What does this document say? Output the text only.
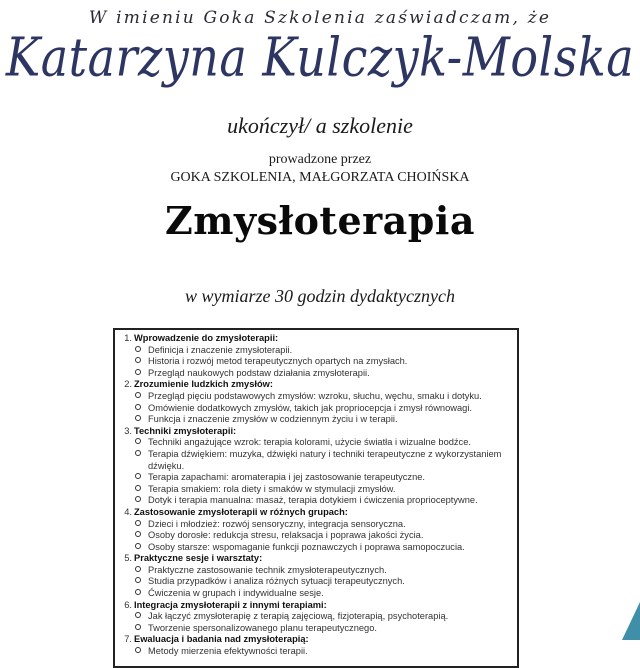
W imieniu Goka Szkolenia zaświadczam, że
Katarzyna Kulczyk-Molska
ukończył/ a szkolenie
prowadzone przez
GOKA SZKOLENIA, MAŁGORZATA CHOIŃSKA
Zmysłoterapia
w wymiarze 30 godzin dydaktycznych
1. Wprowadzenie do zmysłoterapii:
Definicja i znaczenie zmysłoterapii.
Historia i rozwój metod terapeutycznych opartych na zmysłach.
Przegląd naukowych podstaw działania zmysłoterapii.
2. Zrozumienie ludzkich zmysłów:
Przegląd pięciu podstawowych zmysłów: wzroku, słuchu, węchu, smaku i dotyku.
Omówienie dodatkowych zmysłów, takich jak propriocepcja i zmysł równowagi.
Funkcja i znaczenie zmysłów w codziennym życiu i w terapii.
3. Techniki zmysłoterapii:
Techniki angażujące wzrok: terapia kolorami, użycie światła i wizualne bodźce.
Terapia dźwiękiem: muzyka, dźwięki natury i techniki terapeutyczne z wykorzystaniem dźwięku.
Terapia zapachami: aromaterapia i jej zastosowanie terapeutyczne.
Terapia smakiem: rola diety i smaków w stymulacji zmysłów.
Dotyk i terapia manualna: masaż, terapia dotykiem i ćwiczenia proprioceptywne.
4. Zastosowanie zmysłoterapii w różnych grupach:
Dzieci i młodzież: rozwój sensoryczny, integracja sensoryczna.
Osoby dorosłe: redukcja stresu, relaksacja i poprawa jakości życia.
Osoby starsze: wspomaganie funkcji poznawczych i poprawa samopoczucia.
5. Praktyczne sesje i warsztaty:
Praktyczne zastosowanie technik zmysłoterapeutycznych.
Studia przypadków i analiza różnych sytuacji terapeutycznych.
Ćwiczenia w grupach i indywidualne sesje.
6. Integracja zmysłoterapii z innymi terapiami:
Jak łączyć zmysłoterapię z terapią zajęciową, fizjoterapią, psychoterapią.
Tworzenie spersonalizowanego planu terapeutycznego.
7. Ewaluacja i badania nad zmysłoterapią:
Metody mierzenia efektywności terapii.
